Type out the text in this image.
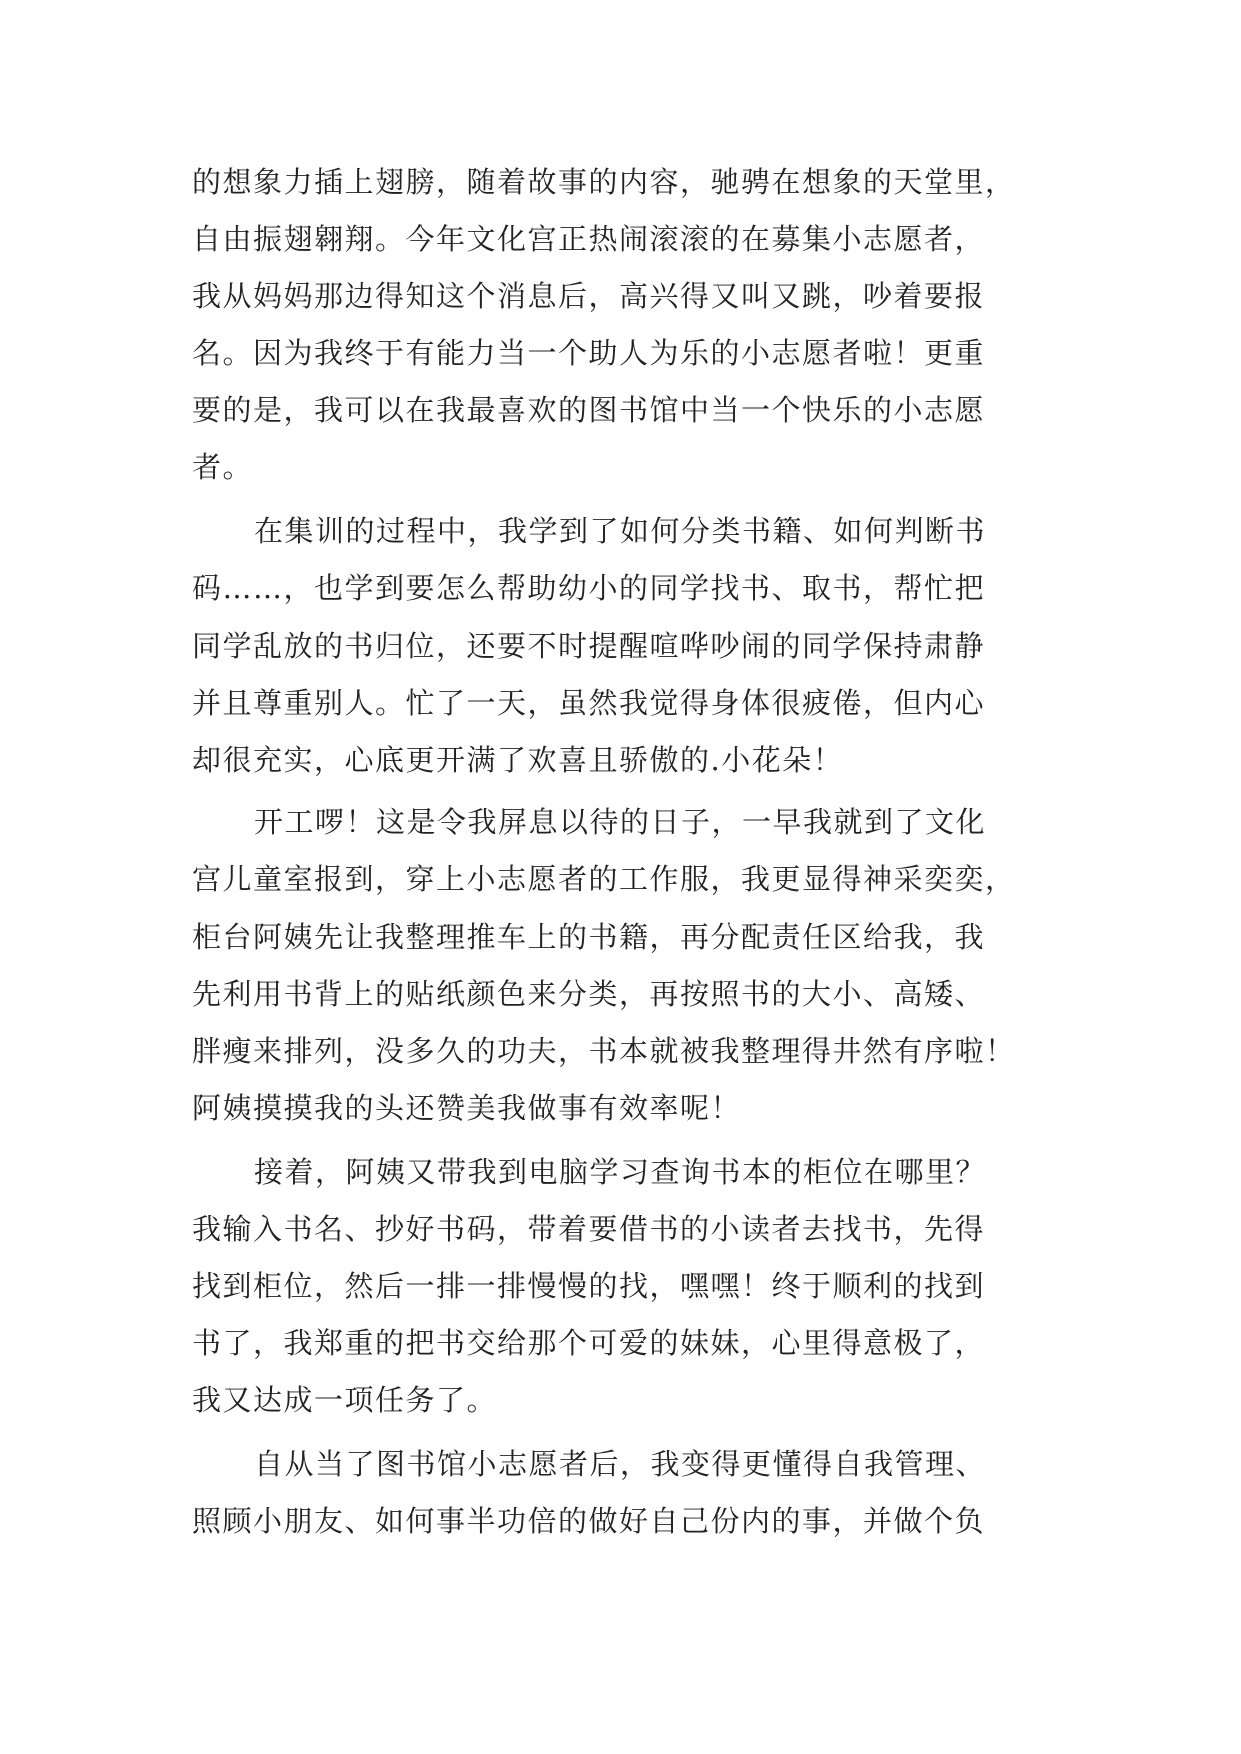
的想象力插上翅膀，随着故事的内容，驰骋在想象的天堂里，
自由振翅翱翔。今年文化宫正热闹滚滚的在募集小志愿者，
我从妈妈那边得知这个消息后，高兴得又叫又跳，吵着要报
名。因为我终于有能力当一个助人为乐的小志愿者啦！更重
要的是，我可以在我最喜欢的图书馆中当一个快乐的小志愿
者。
在集训的过程中，我学到了如何分类书籍、如何判断书
码……，也学到要怎么帮助幼小的同学找书、取书，帮忙把
同学乱放的书归位，还要不时提醒喧哗吵闹的同学保持肃静
并且尊重别人。忙了一天，虽然我觉得身体很疲倦，但内心
却很充实，心底更开满了欢喜且骄傲的.小花朵！
开工啰！这是令我屏息以待的日子，一早我就到了文化
宫儿童室报到，穿上小志愿者的工作服，我更显得神采奕奕，
柜台阿姨先让我整理推车上的书籍，再分配责任区给我，我
先利用书背上的贴纸颜色来分类，再按照书的大小、高矮、
胖瘦来排列，没多久的功夫，书本就被我整理得井然有序啦！
阿姨摸摸我的头还赞美我做事有效率呢！
接着，阿姨又带我到电脑学习查询书本的柜位在哪里？
我输入书名、抄好书码，带着要借书的小读者去找书，先得
找到柜位，然后一排一排慢慢的找，嘿嘿！终于顺利的找到
书了，我郑重的把书交给那个可爱的妹妹，心里得意极了，
我又达成一项任务了。
自从当了图书馆小志愿者后，我变得更懂得自我管理、
照顾小朋友、如何事半功倍的做好自己份内的事，并做个负
